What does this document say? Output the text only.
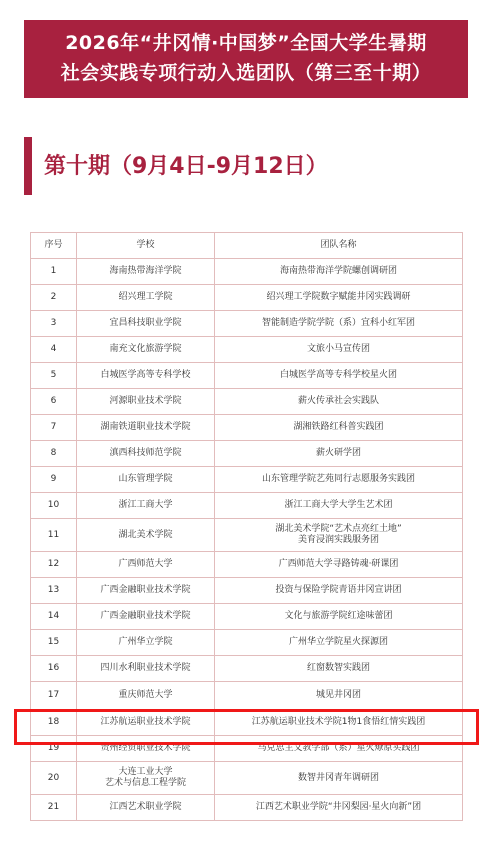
2026年“井冈情·中国梦”全国大学生暑期
社会实践专项行动入选团队（第三至十期）
第十期（9月4日-9月12日）
序号	学校	团队名称
1	海南热带海洋学院	海南热带海洋学院螺创调研团
2	绍兴理工学院	绍兴理工学院数字赋能井冈实践调研
3	宜昌科技职业学院	智能制造学院学院（系）宜科小红军团
4	南充文化旅游学院	文旅小马宣传团
5	白城医学高等专科学校	白城医学高等专科学校星火团
6	河源职业技术学院	薪火传承社会实践队
7	湖南铁道职业技术学院	湖湘铁路红科普实践团
8	滇西科技师范学院	薪火研学团
9	山东管理学院	山东管理学院艺苑同行志愿服务实践团
10	浙江工商大学	浙江工商大学大学生艺术团
11	湖北美术学院	湖北美术学院“艺术点亮红土地”
美育浸润实践服务团

12	广西师范大学	广西师范大学寻路铸魂·研课团
13	广西金融职业技术学院	投资与保险学院青语井冈宣讲团
14	广西金融职业技术学院	文化与旅游学院红途味蕾团
15	广州华立学院	广州华立学院星火探源团
16	四川水利职业技术学院	红窗数智实践团
17	重庆师范大学	城见井冈团
18	江苏航运职业技术学院	江苏航运职业技术学院1物1食悟红情实践团
19	贵州经贸职业技术学院	马克思主义教学部（系）星火燎原实践团
20	大连工业大学
艺术与信息工程学院	数智井冈青年调研团
21	江西艺术职业学院	江西艺术职业学院“井冈梨园·星火向新”团
